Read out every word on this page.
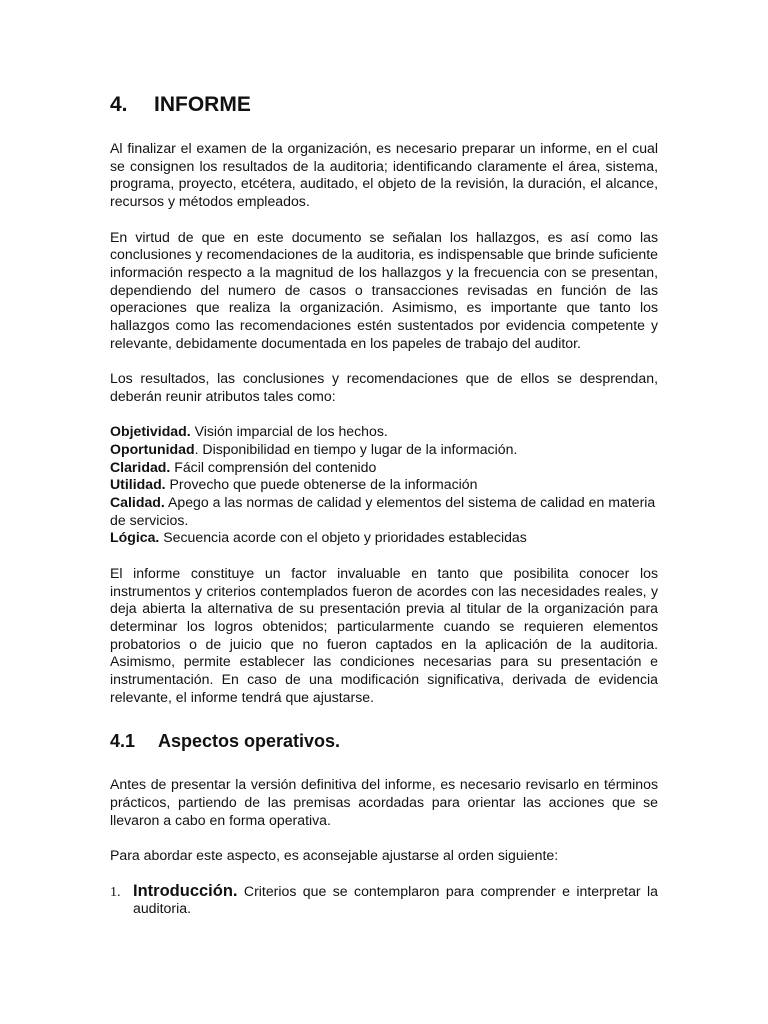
4.	INFORME

Al finalizar el examen de la organización, es necesario preparar un informe, en el cual se consignen los resultados de la auditoria; identificando claramente el área, sistema, programa, proyecto, etcétera, auditado, el objeto de la revisión, la duración, el alcance, recursos y métodos empleados.

En virtud de que en este documento se señalan los hallazgos, es así como las conclusiones y recomendaciones de la auditoria, es indispensable que brinde suficiente información respecto a la magnitud de los hallazgos y la frecuencia con se presentan, dependiendo del numero de casos o transacciones revisadas en función de las operaciones que realiza la organización. Asimismo, es importante que tanto los hallazgos como las recomendaciones estén sustentados por evidencia competente y relevante, debidamente documentada en los papeles de trabajo del auditor.

Los resultados, las conclusiones y recomendaciones que de ellos se desprendan, deberán reunir atributos tales como:

Objetividad. Visión imparcial de los hechos.
Oportunidad. Disponibilidad en tiempo y lugar de la información.
Claridad. Fácil comprensión del contenido
Utilidad. Provecho que puede obtenerse de la información
Calidad. Apego a las normas de calidad y elementos del sistema de calidad en materia de servicios.
Lógica. Secuencia acorde con el objeto y prioridades establecidas

El informe constituye un factor invaluable en tanto que posibilita conocer los instrumentos y criterios contemplados fueron de acordes con las necesidades reales, y deja abierta la alternativa de su presentación previa al titular de la organización para determinar los logros obtenidos; particularmente cuando se requieren elementos probatorios o de juicio que no fueron captados en la aplicación de la auditoria. Asimismo, permite establecer las condiciones necesarias para su presentación e instrumentación. En caso de una modificación significativa, derivada de evidencia relevante, el informe tendrá que ajustarse.

4.1	Aspectos operativos.

Antes de presentar la versión definitiva del informe, es necesario revisarlo en términos prácticos, partiendo de las premisas acordadas para orientar las acciones que se llevaron a cabo en forma operativa.

Para abordar este aspecto, es aconsejable ajustarse al orden siguiente:

1. Introducción. Criterios que se contemplaron para comprender e interpretar la auditoria.
